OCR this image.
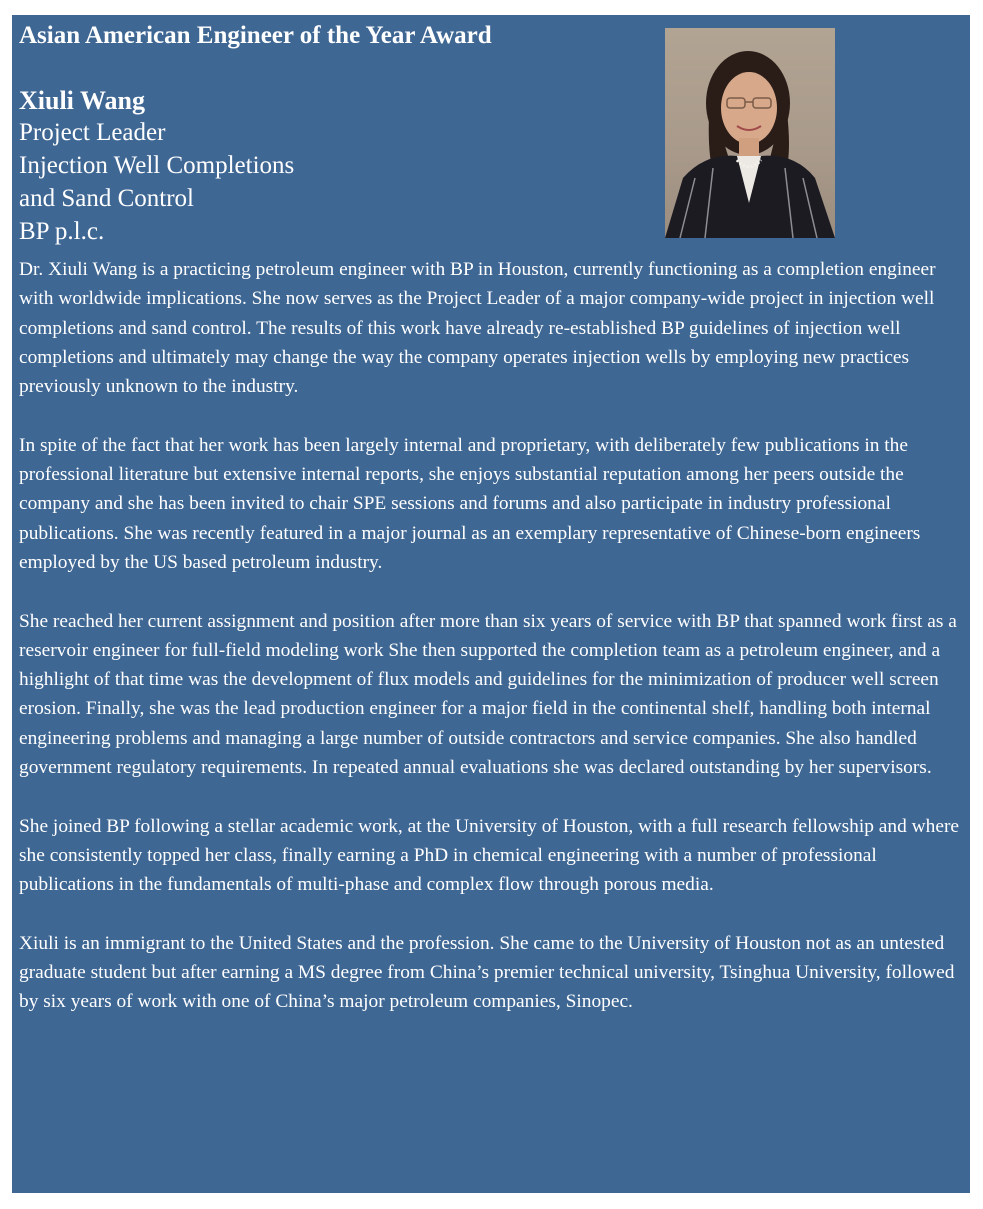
Asian American Engineer of the Year Award
Xiuli Wang
Project Leader
Injection Well Completions
and Sand Control
BP p.l.c.

Dr. Xiuli Wang is a practicing petroleum engineer with BP in Houston, currently functioning as a completion engineer with worldwide implications. She now serves as the Project Leader of a major company-wide project in injection well completions and sand control. The results of this work have already re-established BP guidelines of injection well completions and ultimately may change the way the company operates injection wells by employing new practices previously unknown to the industry.

In spite of the fact that her work has been largely internal and proprietary, with deliberately few publications in the professional literature but extensive internal reports, she enjoys substantial reputation among her peers outside the company and she has been invited to chair SPE sessions and forums and also participate in industry professional publications. She was recently featured in a major journal as an exemplary representative of Chinese-born engineers employed by the US based petroleum industry.

She reached her current assignment and position after more than six years of service with BP that spanned work first as a reservoir engineer for full-field modeling work She then supported the completion team as a petroleum engineer, and a highlight of that time was the development of flux models and guidelines for the minimization of producer well screen erosion. Finally, she was the lead production engineer for a major field in the continental shelf, handling both internal engineering problems and managing a large number of outside contractors and service companies. She also handled government regulatory requirements. In repeated annual evaluations she was declared outstanding by her supervisors.

She joined BP following a stellar academic work, at the University of Houston, with a full research fellowship and where she consistently topped her class, finally earning a PhD in chemical engineering with a number of professional publications in the fundamentals of multi-phase and complex flow through porous media.

Xiuli is an immigrant to the United States and the profession. She came to the University of Houston not as an untested graduate student but after earning a MS degree from China’s premier technical university, Tsinghua University, followed by six years of work with one of China’s major petroleum companies, Sinopec.
